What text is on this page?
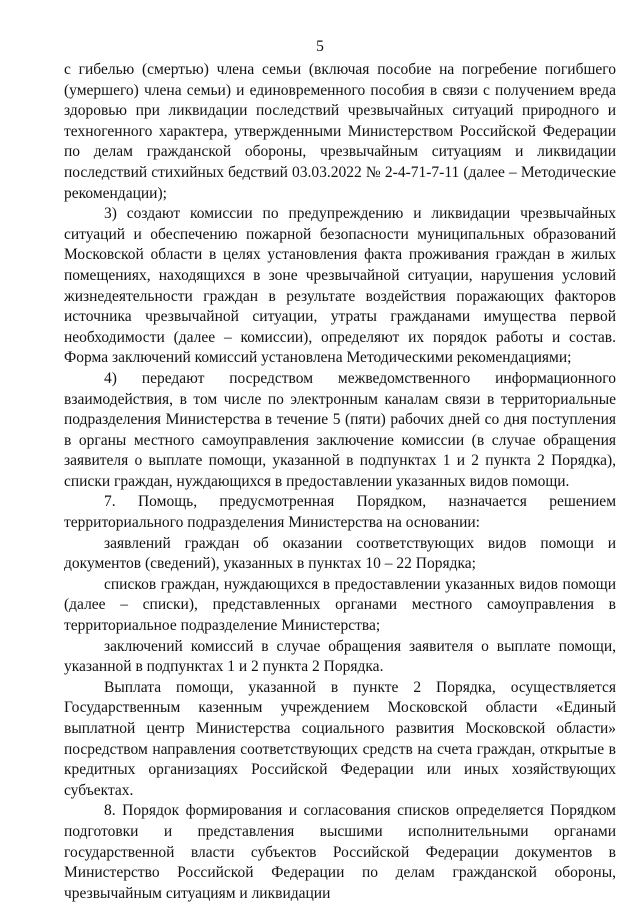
5

с гибелью (смертью) члена семьи (включая пособие на погребение погибшего (умершего) члена семьи) и единовременного пособия в связи с получением вреда здоровью при ликвидации последствий чрезвычайных ситуаций природного и техногенного характера, утвержденными Министерством Российской Федерации по делам гражданской обороны, чрезвычайным ситуациям и ликвидации последствий стихийных бедствий 03.03.2022 № 2-4-71-7-11 (далее – Методические рекомендации);

3) создают комиссии по предупреждению и ликвидации чрезвычайных ситуаций и обеспечению пожарной безопасности муниципальных образований Московской области в целях установления факта проживания граждан в жилых помещениях, находящихся в зоне чрезвычайной ситуации, нарушения условий жизнедеятельности граждан в результате воздействия поражающих факторов источника чрезвычайной ситуации, утраты гражданами имущества первой необходимости (далее – комиссии), определяют их порядок работы и состав. Форма заключений комиссий установлена Методическими рекомендациями;

4) передают посредством межведомственного информационного взаимодействия, в том числе по электронным каналам связи в территориальные подразделения Министерства в течение 5 (пяти) рабочих дней со дня поступления в органы местного самоуправления заключение комиссии (в случае обращения заявителя о выплате помощи, указанной в подпунктах 1 и 2 пункта 2 Порядка), списки граждан, нуждающихся в предоставлении указанных видов помощи.

7. Помощь, предусмотренная Порядком, назначается решением территориального подразделения Министерства на основании:

заявлений граждан об оказании соответствующих видов помощи и документов (сведений), указанных в пунктах 10 – 22 Порядка;

списков граждан, нуждающихся в предоставлении указанных видов помощи (далее – списки), представленных органами местного самоуправления в территориальное подразделение Министерства;

заключений комиссий в случае обращения заявителя о выплате помощи, указанной в подпунктах 1 и 2 пункта 2 Порядка.

Выплата помощи, указанной в пункте 2 Порядка, осуществляется Государственным казенным учреждением Московской области «Единый выплатной центр Министерства социального развития Московской области» посредством направления соответствующих средств на счета граждан, открытые в кредитных организациях Российской Федерации или иных хозяйствующих субъектах.

8. Порядок формирования и согласования списков определяется Порядком подготовки и представления высшими исполнительными органами государственной власти субъектов Российской Федерации документов в Министерство Российской Федерации по делам гражданской обороны, чрезвычайным ситуациям и ликвидации
